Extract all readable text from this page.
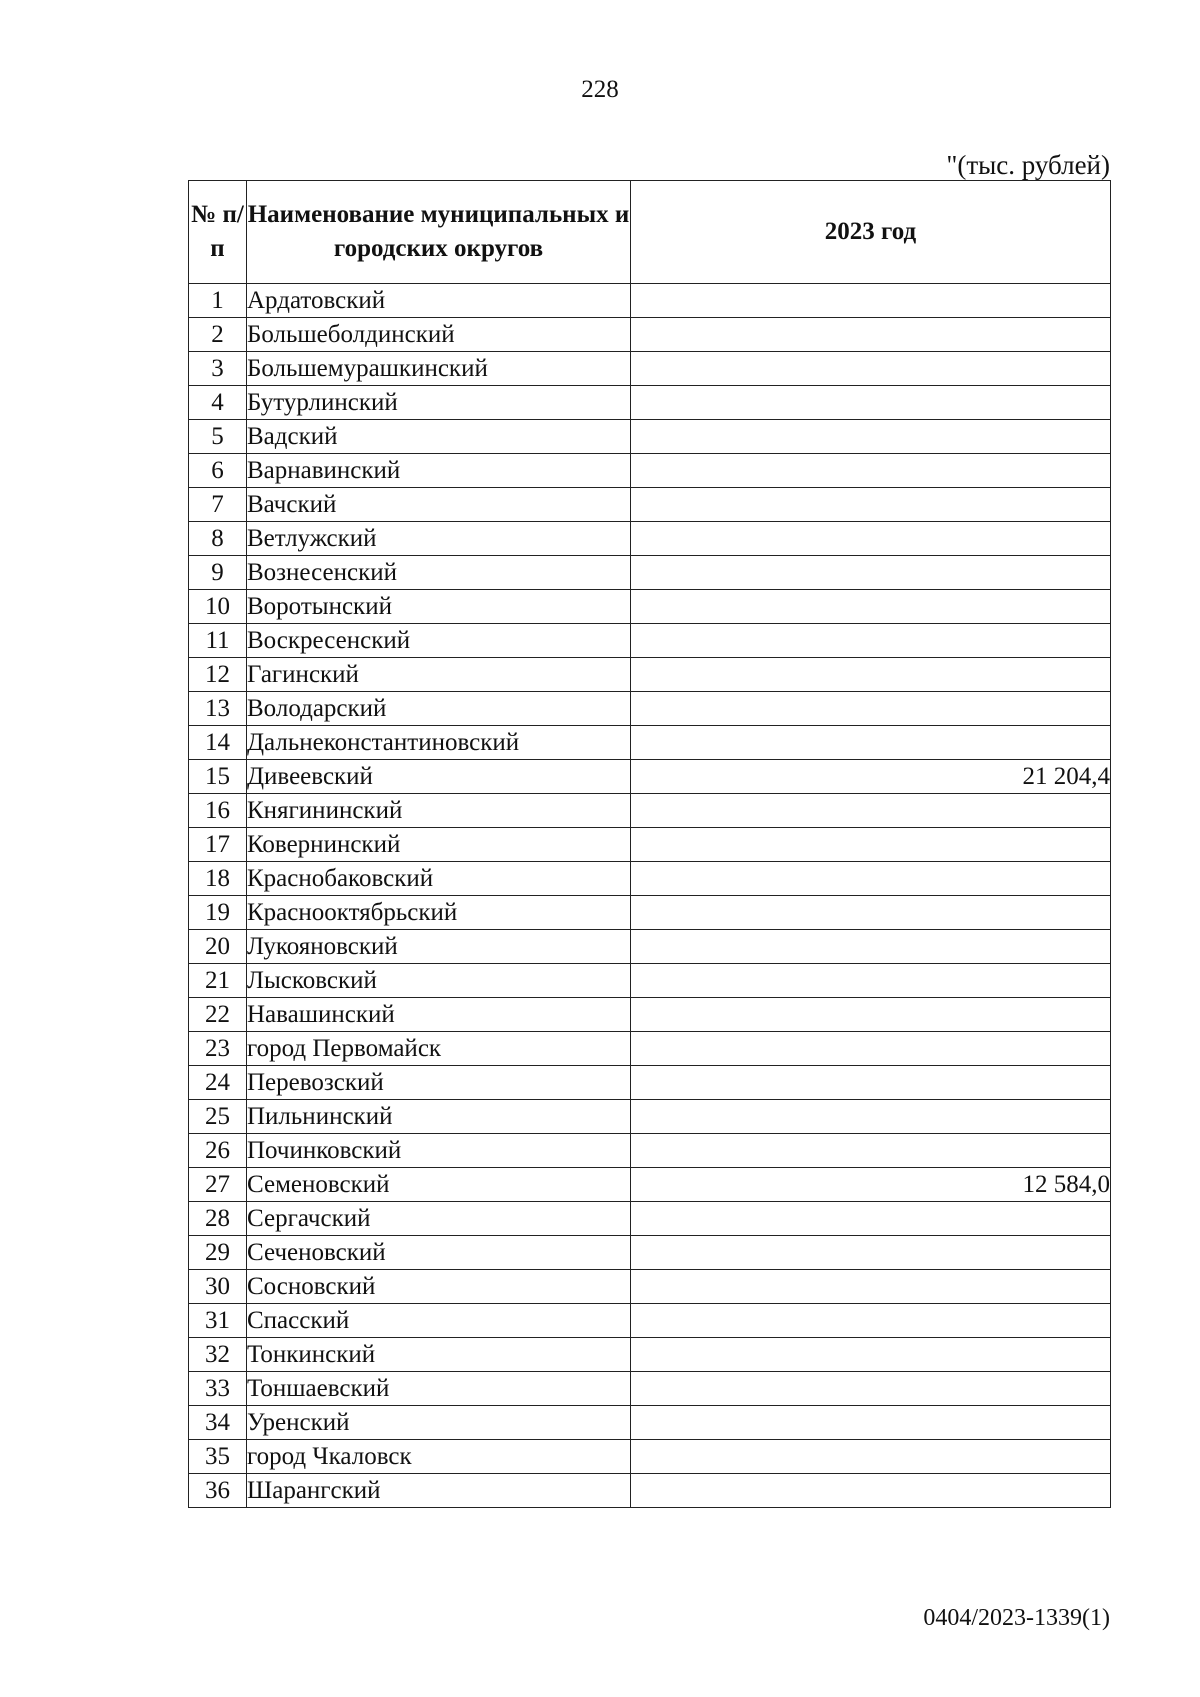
228
"(тыс. рублей)
№ п/п	Наименование муниципальных и городских округов	2023 год
1	Ардатовский	
2	Большеболдинский	
3	Большемурашкинский	
4	Бутурлинский	
5	Вадский	
6	Варнавинский	
7	Вачский	
8	Ветлужский	
9	Вознесенский	
10	Воротынский	
11	Воскресенский	
12	Гагинский	
13	Володарский	
14	Дальнеконстантиновский	
15	Дивеевский	21 204,4
16	Княгининский	
17	Ковернинский	
18	Краснобаковский	
19	Краснооктябрьский	
20	Лукояновский	
21	Лысковский	
22	Навашинский	
23	город Первомайск	
24	Перевозский	
25	Пильнинский	
26	Починковский	
27	Семеновский	12 584,0
28	Сергачский	
29	Сеченовский	
30	Сосновский	
31	Спасский	
32	Тонкинский	
33	Тоншаевский	
34	Уренский	
35	город Чкаловск	
36	Шарангский	
0404/2023-1339(1)
